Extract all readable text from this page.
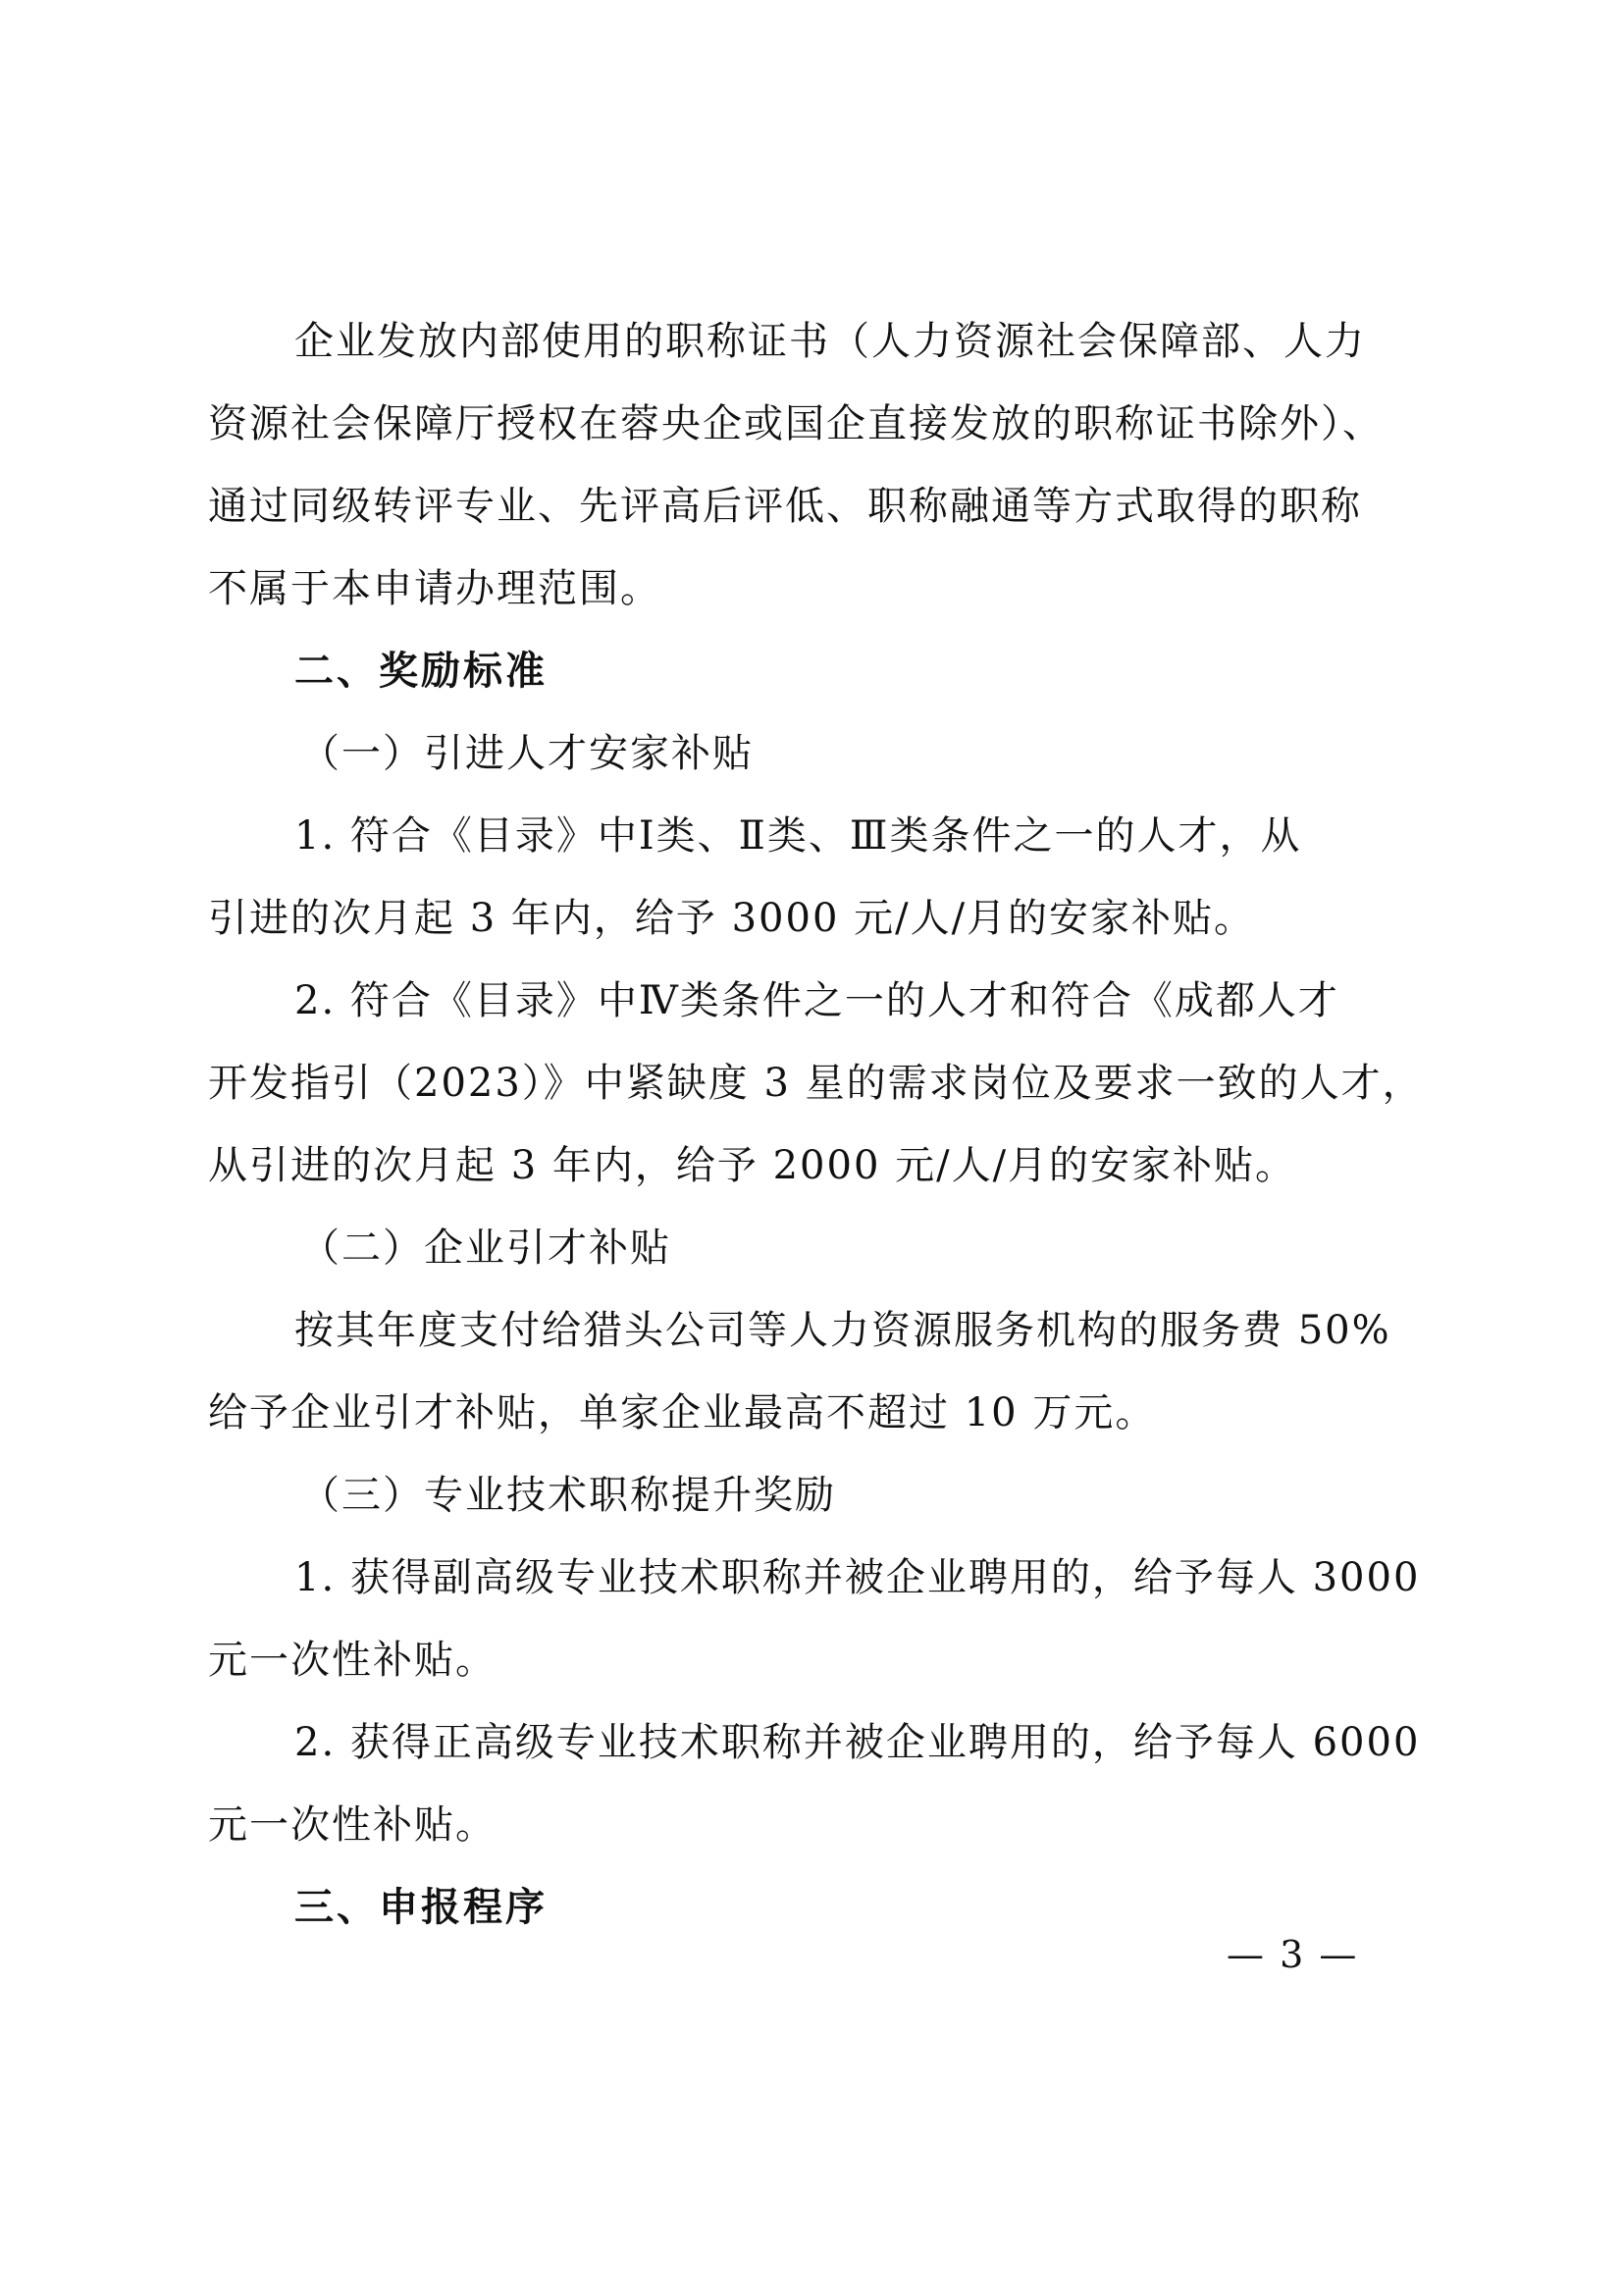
企业发放内部使用的职称证书（人力资源社会保障部、人力
资源社会保障厅授权在蓉央企或国企直接发放的职称证书除外）、
通过同级转评专业、先评高后评低、职称融通等方式取得的职称
不属于本申请办理范围。
二、奖励标准
（一）引进人才安家补贴
1. 符合《目录》中Ⅰ类、Ⅱ类、Ⅲ类条件之一的人才，从
引进的次月起 3 年内，给予 3000 元/人/月的安家补贴。
2. 符合《目录》中Ⅳ类条件之一的人才和符合《成都人才
开发指引（2023）》中紧缺度 3 星的需求岗位及要求一致的人才，
从引进的次月起 3 年内，给予 2000 元/人/月的安家补贴。
（二）企业引才补贴
按其年度支付给猎头公司等人力资源服务机构的服务费 50%
给予企业引才补贴，单家企业最高不超过 10 万元。
（三）专业技术职称提升奖励
1. 获得副高级专业技术职称并被企业聘用的，给予每人 3000
元一次性补贴。
2. 获得正高级专业技术职称并被企业聘用的，给予每人 6000
元一次性补贴。
三、申报程序
— 3 —
